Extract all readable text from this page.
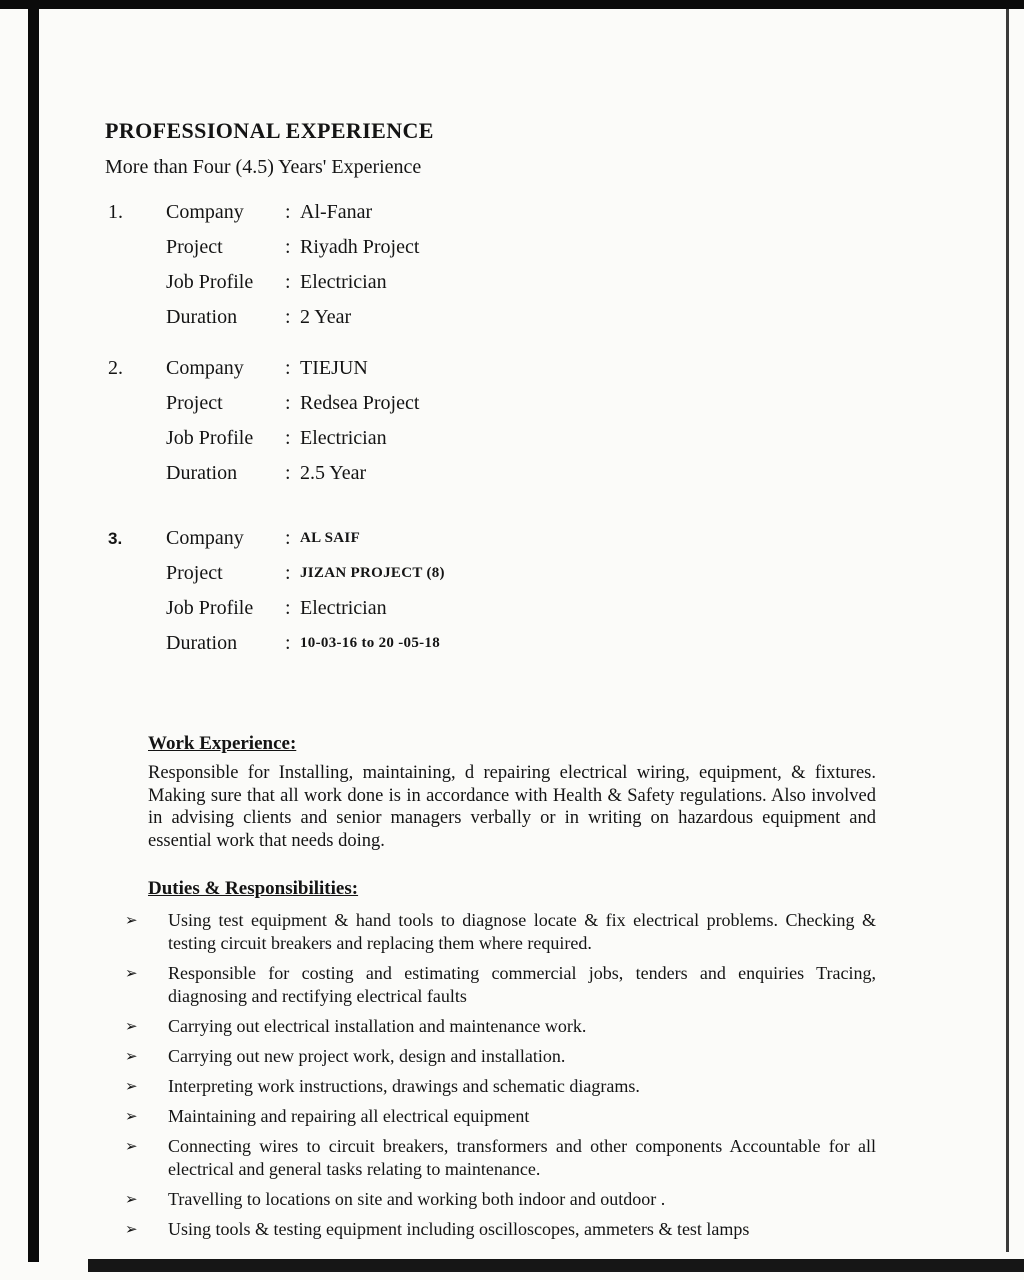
PROFESSIONAL EXPERIENCE
More than Four (4.5) Years' Experience
1.	Company	: Al-Fanar
Project	: Riyadh Project
Job Profile	: Electrician
Duration	: 2 Year
2.	Company	: TIEJUN
Project	: Redsea Project
Job Profile	: Electrician
Duration	: 2.5 Year
3.	Company	: AL SAIF
Project	: JIZAN PROJECT (8)
Job Profile	: Electrician
Duration	: 10-03-16 to 20 -05-18
Work Experience:

Responsible for Installing, maintaining, d repairing electrical wiring, equipment, & fixtures. Making sure that all work done is in accordance with Health & Safety regulations. Also involved in advising clients and senior managers verbally or in writing on hazardous equipment and essential work that needs doing.

Duties & Responsibilities:
➢	Using test equipment & hand tools to diagnose locate & fix electrical problems. Checking & testing circuit breakers and replacing them where required.
➢	Responsible for costing and estimating commercial jobs, tenders and enquiries Tracing, diagnosing and rectifying electrical faults
➢	Carrying out electrical installation and maintenance work.
➢	Carrying out new project work, design and installation.
➢	Interpreting work instructions, drawings and schematic diagrams.
➢	Maintaining and repairing all electrical equipment
➢	Connecting wires to circuit breakers, transformers and other components Accountable for all electrical and general tasks relating to maintenance.
➢	Travelling to locations on site and working both indoor and outdoor .
➢	Using tools & testing equipment including oscilloscopes, ammeters & test lamps
